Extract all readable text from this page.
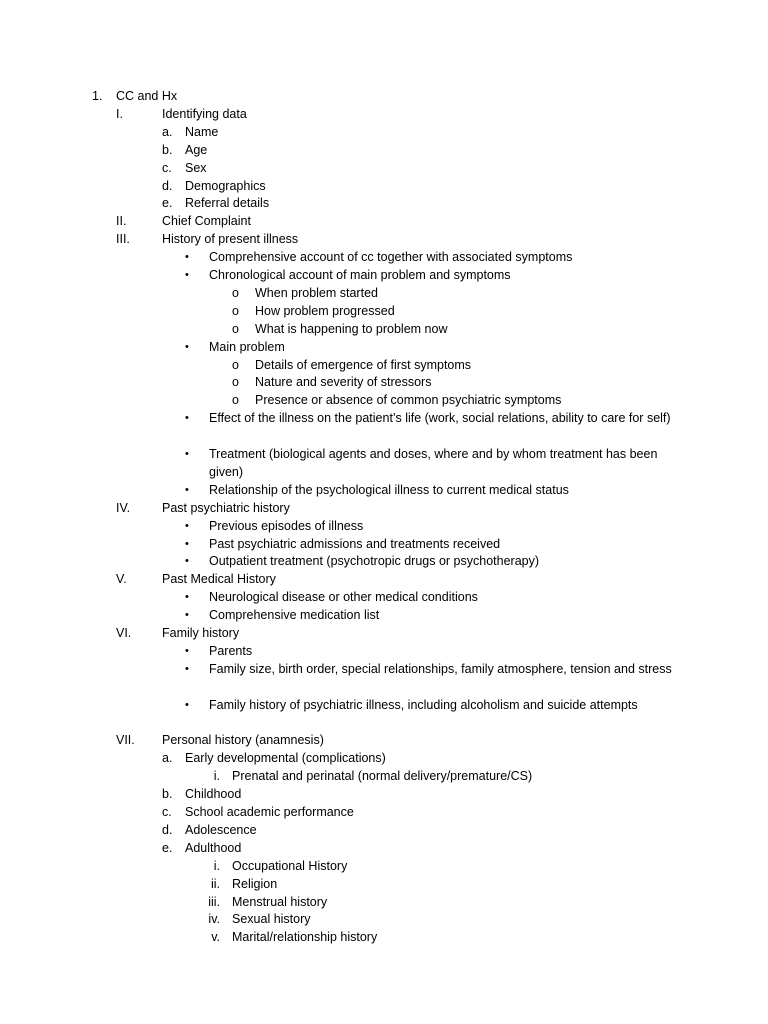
1. CC and Hx
I.	Identifying data
a. Name
b. Age
c. Sex
d. Demographics
e. Referral details
II.	Chief Complaint
III.	History of present illness
• Comprehensive account of cc together with associated symptoms
• Chronological account of main problem and symptoms
o When problem started
o How problem progressed
o What is happening to problem now
• Main problem
o Details of emergence of first symptoms
o Nature and severity of stressors
o Presence or absence of common psychiatric symptoms
• Effect of the illness on the patient’s life (work, social relations, ability to care for self)
• Treatment (biological agents and doses, where and by whom treatment has been given)
• Relationship of the psychological illness to current medical status
IV.	Past psychiatric history
• Previous episodes of illness
• Past psychiatric admissions and treatments received
• Outpatient treatment (psychotropic drugs or psychotherapy)
V.	Past Medical History
• Neurological disease or other medical conditions
• Comprehensive medication list
VI. Family history
• Parents
• Family size, birth order, special relationships, family atmosphere, tension and stress
• Family history of psychiatric illness, including alcoholism and suicide attempts
VII. Personal history (anamnesis)
a. Early developmental (complications)
i. Prenatal and perinatal (normal delivery/premature/CS)
b. Childhood
c. School academic performance
d. Adolescence
e. Adulthood
i. Occupational History
ii. Religion
iii. Menstrual history
iv. Sexual history
v. Marital/relationship history
